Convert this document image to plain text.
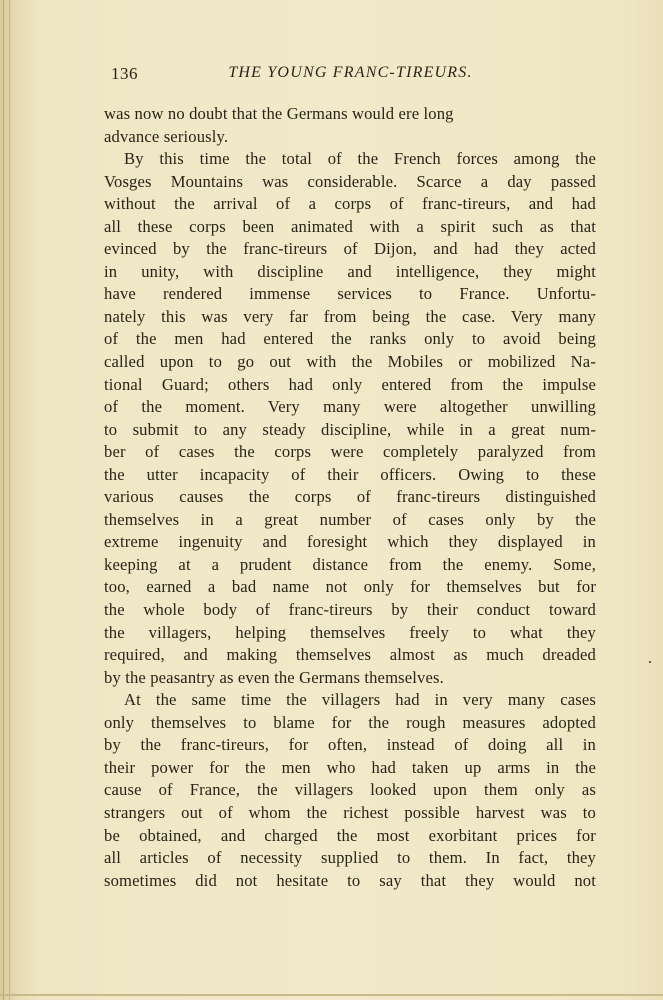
136	THE YOUNG FRANC-TIREURS.
was now no doubt that the Germans would ere long
advance seriously.
By this time the total of the French forces among the
Vosges Mountains was considerable. Scarce a day passed
without the arrival of a corps of franc-tireurs, and had
all these corps been animated with a spirit such as that
evinced by the franc-tireurs of Dijon, and had they acted
in unity, with discipline and intelligence, they might
have rendered immense services to France. Unfortu-
nately this was very far from being the case. Very many
of the men had entered the ranks only to avoid being
called upon to go out with the Mobiles or mobilized Na-
tional Guard; others had only entered from the impulse
of the moment. Very many were altogether unwilling
to submit to any steady discipline, while in a great num-
ber of cases the corps were completely paralyzed from
the utter incapacity of their officers. Owing to these
various causes the corps of franc-tireurs distinguished
themselves in a great number of cases only by the
extreme ingenuity and foresight which they displayed in
keeping at a prudent distance from the enemy. Some,
too, earned a bad name not only for themselves but for
the whole body of franc-tireurs by their conduct toward
the villagers, helping themselves freely to what they
required, and making themselves almost as much dreaded
by the peasantry as even the Germans themselves.
At the same time the villagers had in very many cases
only themselves to blame for the rough measures adopted
by the franc-tireurs, for often, instead of doing all in
their power for the men who had taken up arms in the
cause of France, the villagers looked upon them only as
strangers out of whom the richest possible harvest was to
be obtained, and charged the most exorbitant prices for
all articles of necessity supplied to them. In fact, they
sometimes did not hesitate to say that they would not
.
